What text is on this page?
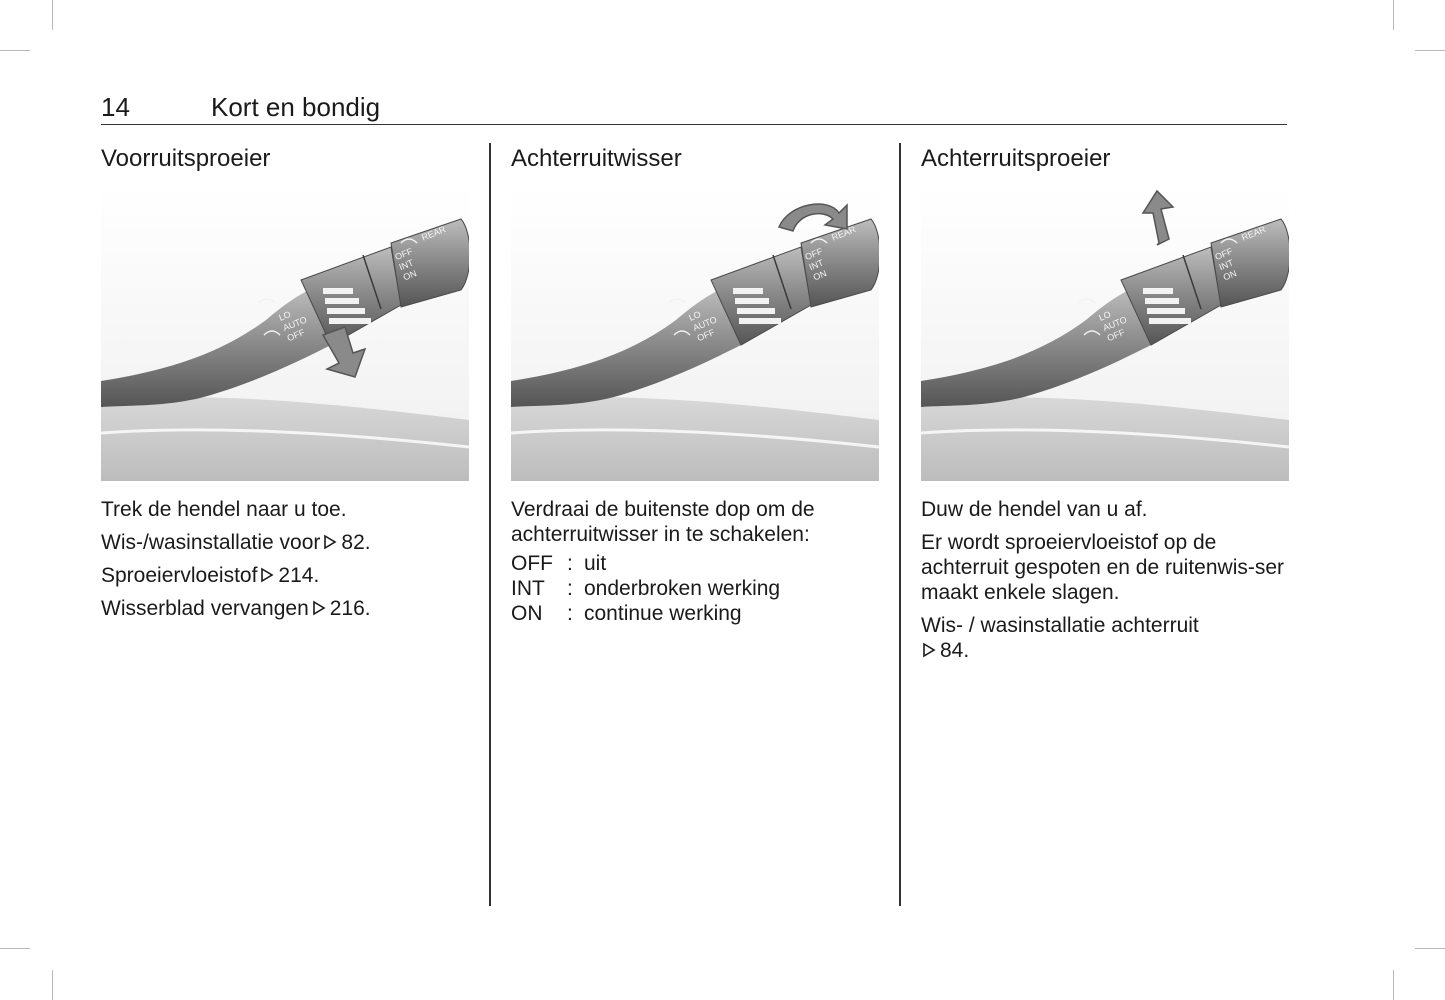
14	Kort en bondig
Voorruitsproeier

Trek de hendel naar u toe.

Wis-/wasinstallatie voor 82.

Sproeiervloeistof 214.

Wisserblad vervangen 216.

Achterruitwisser

Verdraai de buitenste dop om de achterruitwisser in te schakelen:

OFF : uit
INT	: onderbroken werking
ON	: continue werking
Achterruitsproeier

Duw de hendel van u af.

Er wordt sproeiervloeistof op de achterruit gespoten en de ruitenwis-ser maakt enkele slagen.

Wis- / wasinstallatie achterruit
84.
